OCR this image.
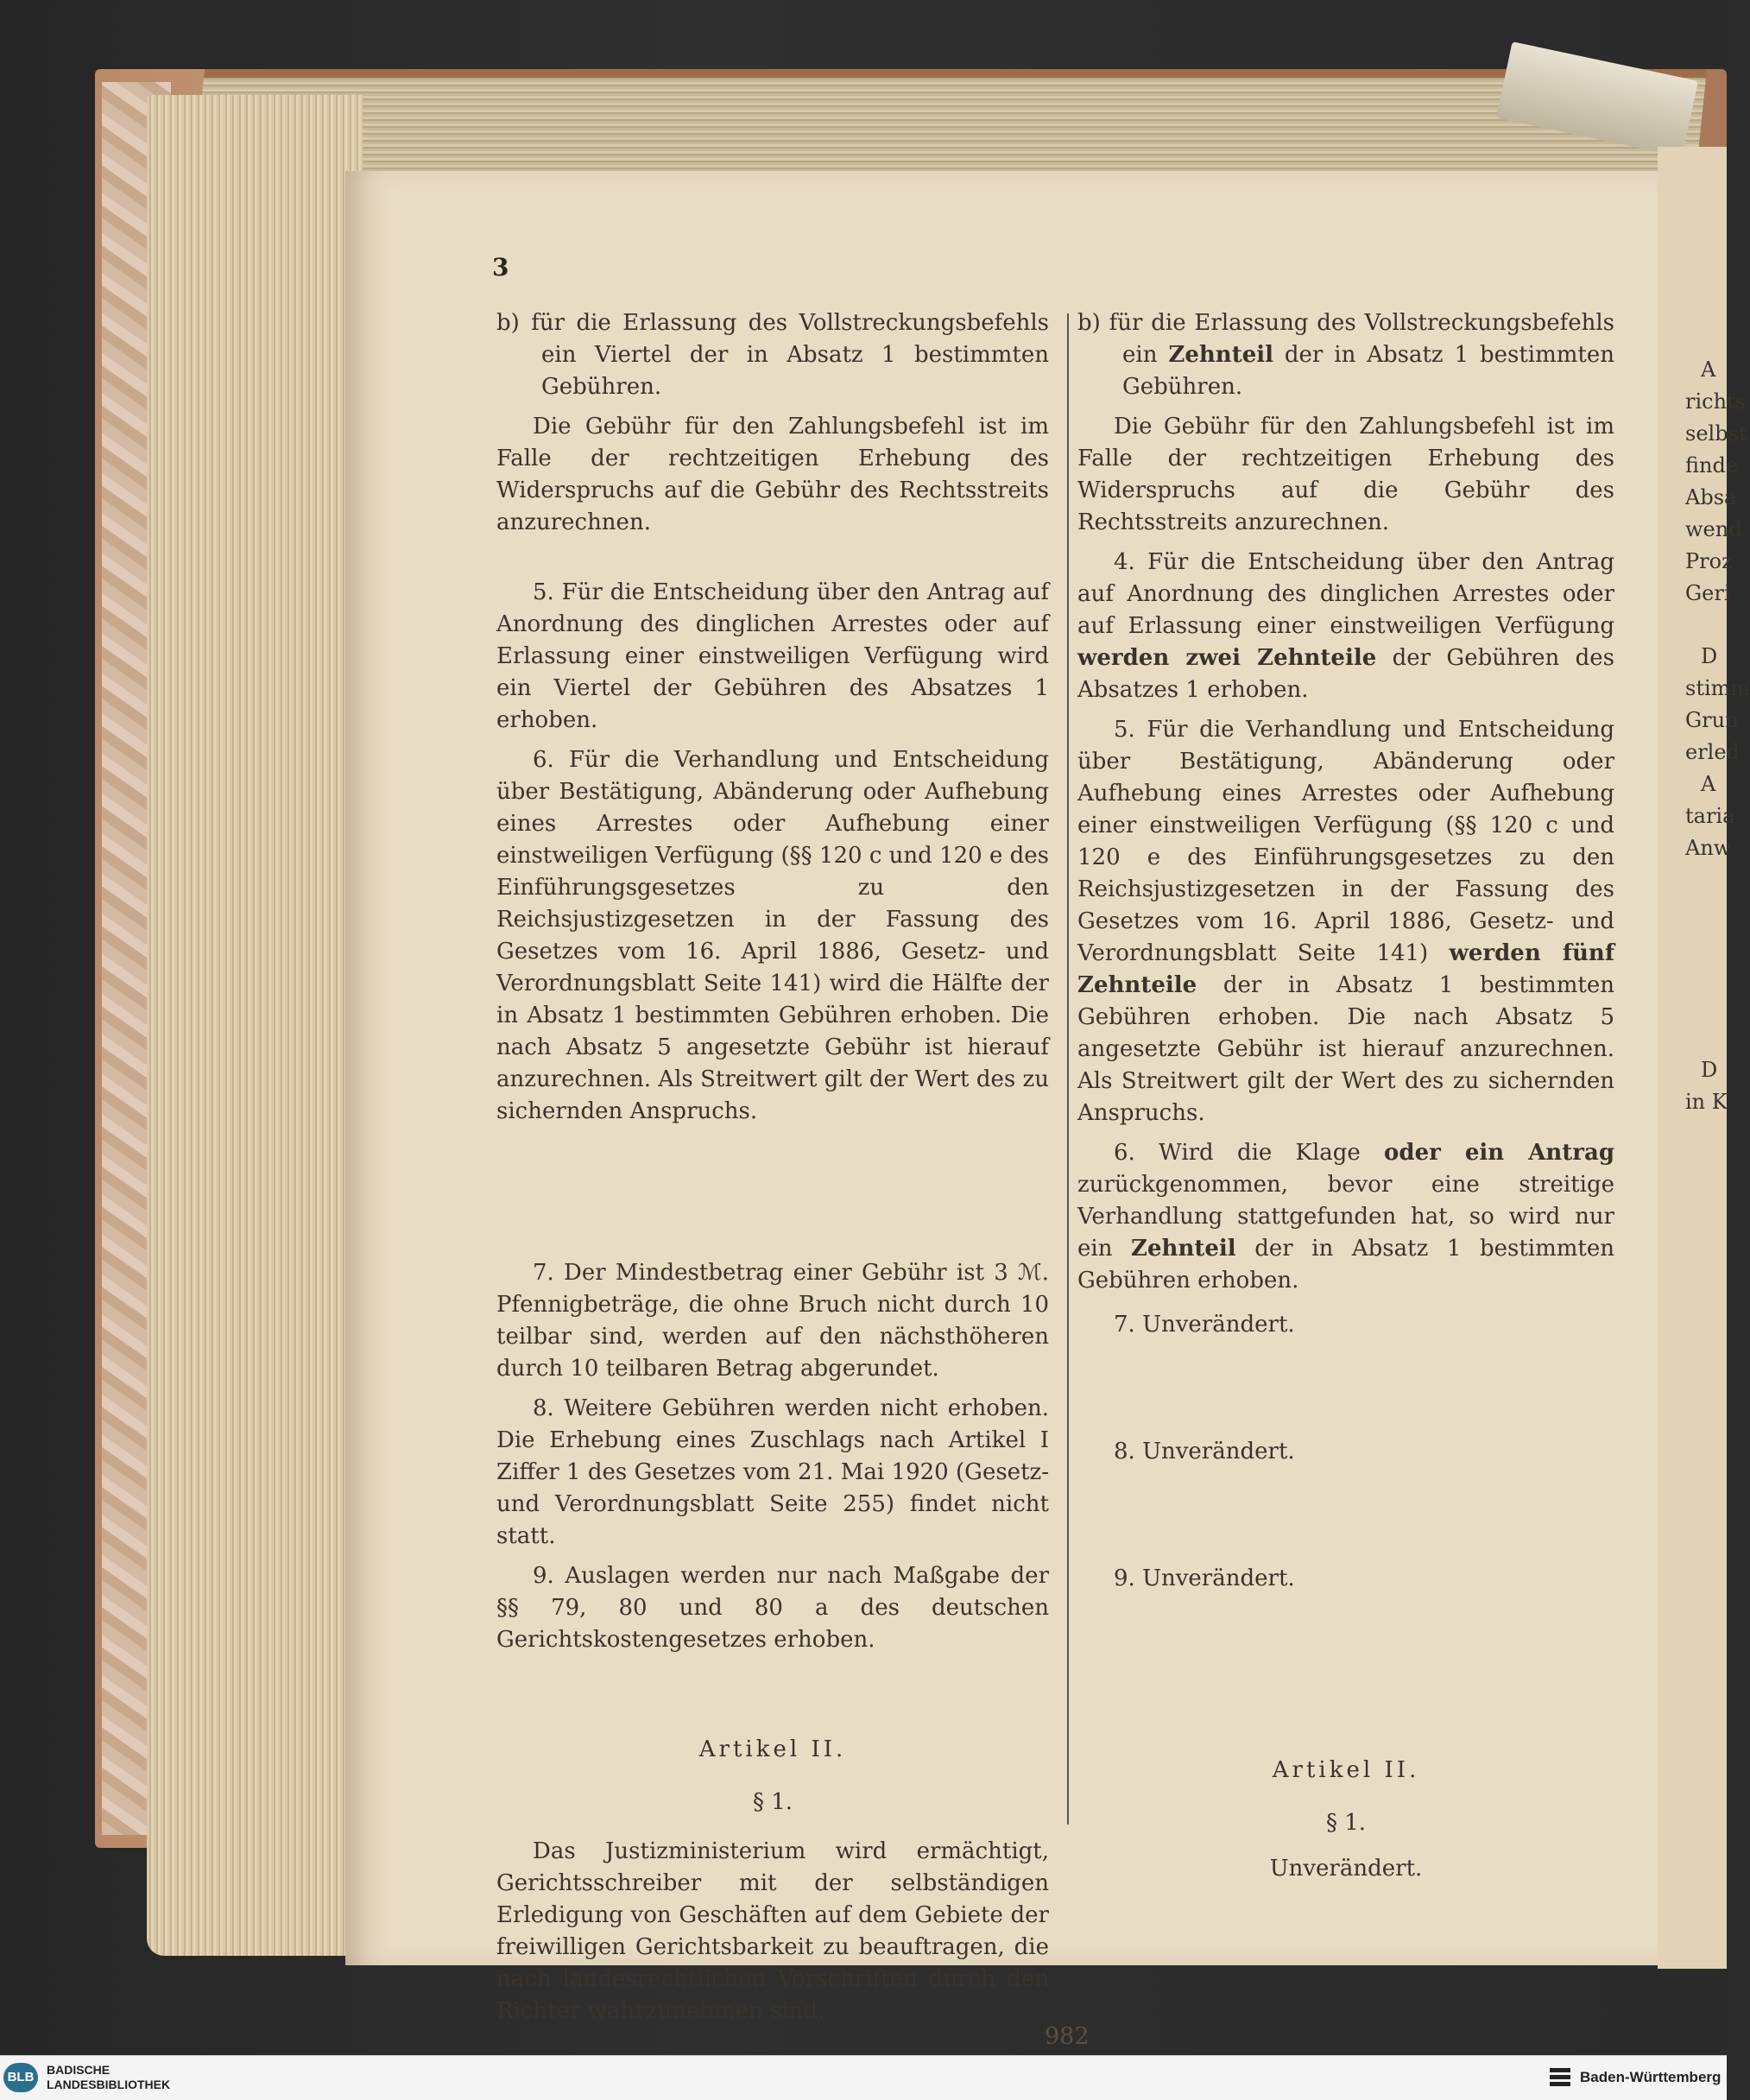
A
richts
selbst
finde
Absa
wend
Proz
Geri
D
stimm
Grun
erled
A
taria
Anw
D
in K
3

b) für die Erlassung des Vollstreckungsbefehls ein Viertel der in Absatz 1 bestimmten Gebühren.

Die Gebühr für den Zahlungsbefehl ist im Falle der rechtzeitigen Erhebung des Widerspruchs auf die Gebühr des Rechtsstreits anzurechnen.

5. Für die Entscheidung über den Antrag auf Anordnung des dinglichen Arrestes oder auf Erlassung einer einstweiligen Verfügung wird ein Viertel der Gebühren des Absatzes 1 erhoben.

6. Für die Verhandlung und Entscheidung über Bestätigung, Abänderung oder Aufhebung eines Arrestes oder Aufhebung einer einstweiligen Verfügung (§§ 120 c und 120 e des Einführungsgesetzes zu den Reichsjustizgesetzen in der Fassung des Gesetzes vom 16. April 1886, Gesetz- und Verordnungsblatt Seite 141) wird die Hälfte der in Absatz 1 bestimmten Gebühren erhoben. Die nach Absatz 5 angesetzte Gebühr ist hierauf anzurechnen. Als Streitwert gilt der Wert des zu sichernden Anspruchs.

7. Der Mindestbetrag einer Gebühr ist 3 ℳ. Pfennigbeträge, die ohne Bruch nicht durch 10 teilbar sind, werden auf den nächsthöheren durch 10 teilbaren Betrag abgerundet.

8. Weitere Gebühren werden nicht erhoben. Die Erhebung eines Zuschlags nach Artikel I Ziffer 1 des Gesetzes vom 21. Mai 1920 (Gesetz- und Verordnungsblatt Seite 255) findet nicht statt.

9. Auslagen werden nur nach Maßgabe der §§ 79, 80 und 80 a des deutschen Gerichtskostengesetzes erhoben.

Artikel II.

§ 1.

Das Justizministerium wird ermächtigt, Gerichtsschreiber mit der selbständigen Erledigung von Geschäften auf dem Gebiete der freiwilligen Gerichtsbarkeit zu beauftragen, die nach landesrechtlichen Vorschriften durch den Richter wahrzunehmen sind.

b) für die Erlassung des Vollstreckungsbefehls ein Zehnteil der in Absatz 1 bestimmten Gebühren.

Die Gebühr für den Zahlungsbefehl ist im Falle der rechtzeitigen Erhebung des Widerspruchs auf die Gebühr des Rechtsstreits anzurechnen.

4. Für die Entscheidung über den Antrag auf Anordnung des dinglichen Arrestes oder auf Erlassung einer einstweiligen Verfügung werden zwei Zehnteile der Gebühren des Absatzes 1 erhoben.

5. Für die Verhandlung und Entscheidung über Bestätigung, Abänderung oder Aufhebung eines Arrestes oder Aufhebung einer einstweiligen Verfügung (§§ 120 c und 120 e des Einführungsgesetzes zu den Reichsjustizgesetzen in der Fassung des Gesetzes vom 16. April 1886, Gesetz- und Verordnungsblatt Seite 141) werden fünf Zehnteile der in Absatz 1 bestimmten Gebühren erhoben. Die nach Absatz 5 angesetzte Gebühr ist hierauf anzurechnen. Als Streitwert gilt der Wert des zu sichernden Anspruchs.

6. Wird die Klage oder ein Antrag zurückgenommen, bevor eine streitige Verhandlung stattgefunden hat, so wird nur ein Zehnteil der in Absatz 1 bestimmten Gebühren erhoben.

7. Unverändert.

8. Unverändert.

9. Unverändert.

Artikel II.

§ 1.

Unverändert.

982
BLB	BADISCHE
LANDESBIBLIOTHEK	Baden-Württemberg
